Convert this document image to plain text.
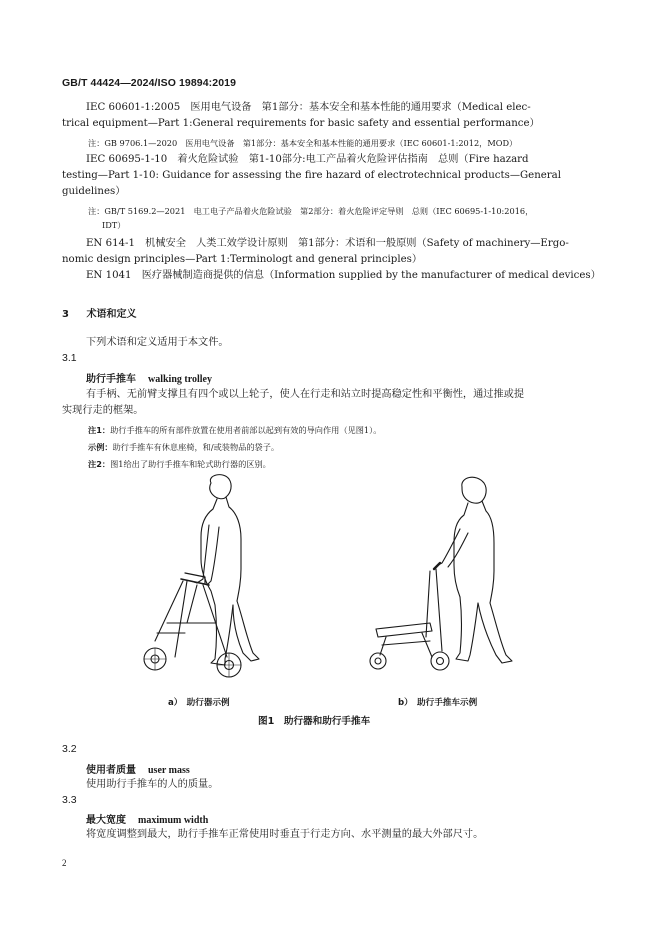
GB/T 44424—2024/ISO 19894:2019
IEC 60601-1:2005　医用电气设备　第1部分：基本安全和基本性能的通用要求（Medical elec-
trical equipment—Part 1:General requirements for basic safety and essential performance）
注：GB 9706.1—2020　医用电气设备　第1部分：基本安全和基本性能的通用要求（IEC 60601-1:2012，MOD）
IEC 60695-1-10　着火危险试验　第1-10部分:电工产品着火危险评估指南　总则（Fire hazard
testing—Part 1-10: Guidance for assessing the fire hazard of electrotechnical products—General
guidelines）
注：GB/T 5169.2—2021　电工电子产品着火危险试验　第2部分：着火危险评定导则　总则（IEC 60695-1-10:2016，
IDT）
EN 614-1　机械安全　人类工效学设计原则　第1部分：术语和一般原则（Safety of machinery—Ergo-
nomic design principles—Part 1:Terminologt and general principles）
EN 1041　医疗器械制造商提供的信息（Information supplied by the manufacturer of medical devices）
3 术语和定义
下列术语和定义适用于本文件。
3.1
助行手推车 walking trolley
有手柄、无前臂支撑且有四个或以上轮子，使人在行走和站立时提高稳定性和平衡性，通过推或提
实现行走的框架。
注1：助行手推车的所有部件放置在使用者前部以起到有效的导向作用（见图1）。
示例：助行手推车有休息座椅，和/或装物品的袋子。
注2：图1给出了助行手推车和轮式助行器的区别。
a）　助行器示例	b）　助行手推车示例
图1　助行器和助行手推车
3.2
使用者质量 user mass
使用助行手推车的人的质量。
3.3
最大宽度 maximum width
将宽度调整到最大，助行手推车正常使用时垂直于行走方向、水平测量的最大外部尺寸。
2
